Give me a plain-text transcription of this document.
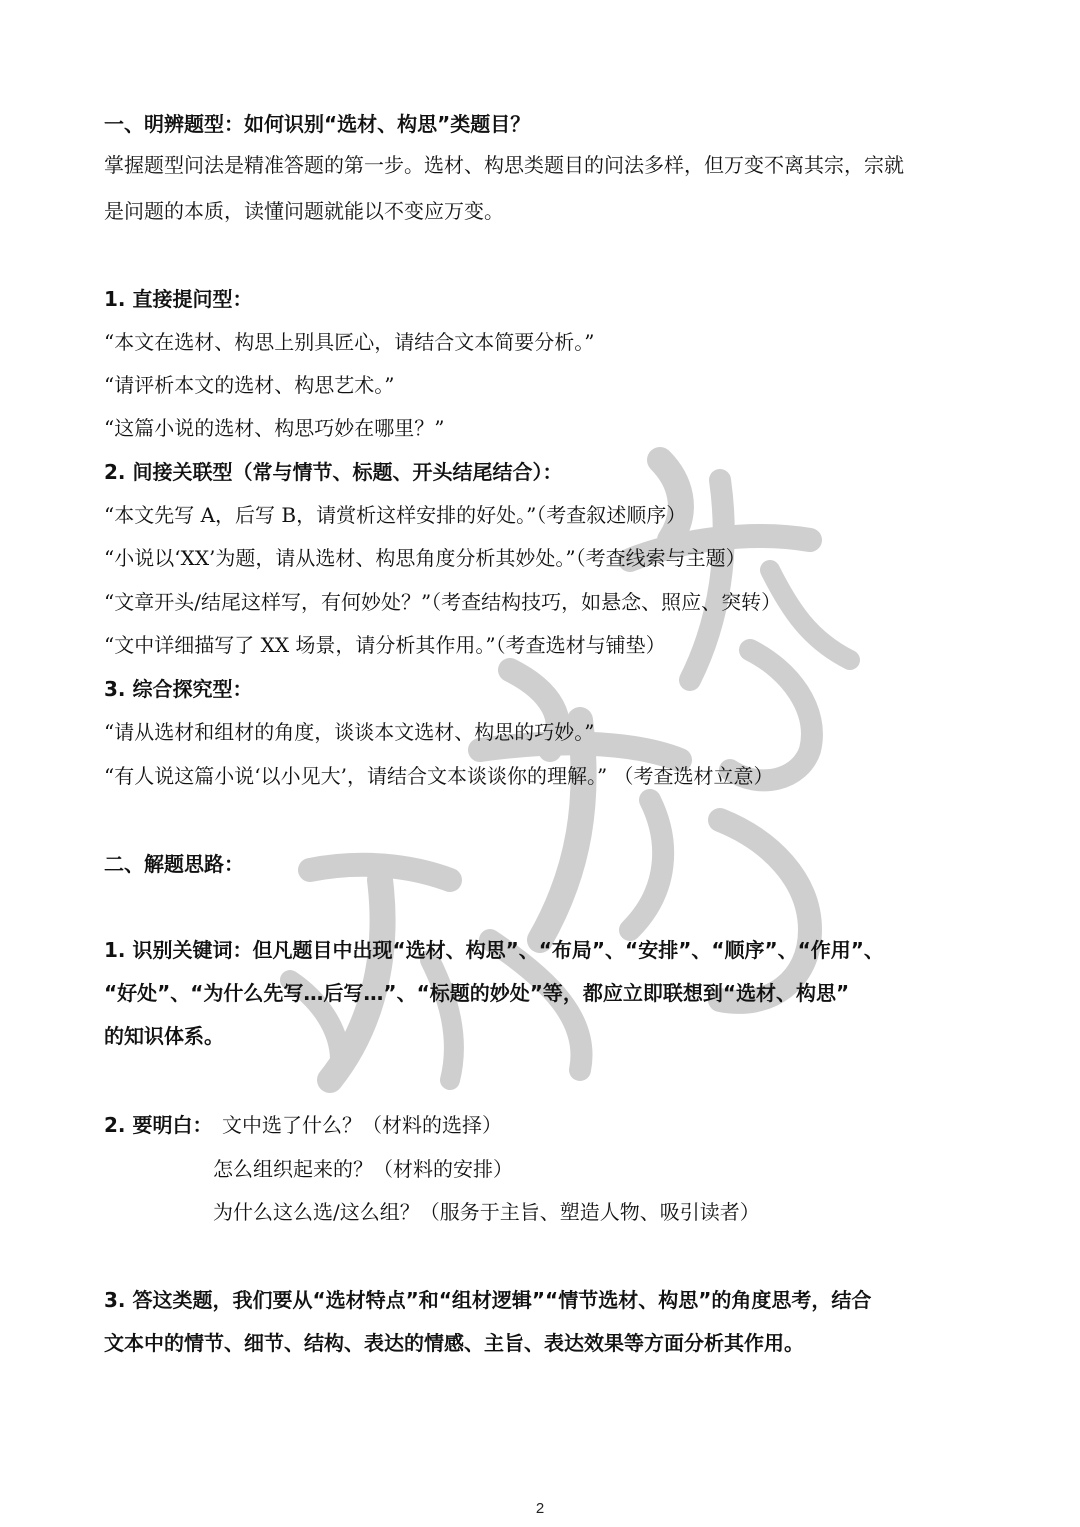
一、明辨题型：如何识别“选材、构思”类题目？
掌握题型问法是精准答题的第一步。选材、构思类题目的问法多样，但万变不离其宗，宗就
是问题的本质，读懂问题就能以不变应万变。
1. 直接提问型：
“本文在选材、构思上别具匠心，请结合文本简要分析。”
“请评析本文的选材、构思艺术。”
“这篇小说的选材、构思巧妙在哪里？”
2. 间接关联型（常与情节、标题、开头结尾结合）：
“本文先写 A，后写 B，请赏析这样安排的好处。”（考查叙述顺序）
“小说以‘XX’为题，请从选材、构思角度分析其妙处。”（考查线索与主题）
“文章开头/结尾这样写，有何妙处？”（考查结构技巧，如悬念、照应、突转）
“文中详细描写了 XX 场景，请分析其作用。”（考查选材与铺垫）
3. 综合探究型：
“请从选材和组材的角度，谈谈本文选材、构思的巧妙。”
“有人说这篇小说‘以小见大’，请结合文本谈谈你的理解。” （考查选材立意）
二、解题思路：
1. 识别关键词：但凡题目中出现“选材、构思”、“布局”、“安排”、“顺序”、“作用”、
“好处”、“为什么先写…后写…”、“标题的妙处”等，都应立即联想到“选材、构思”
的知识体系。
2. 要明白： 文中选了什么？（材料的选择）
怎么组织起来的？（材料的安排）
为什么这么选/这么组？（服务于主旨、塑造人物、吸引读者）
3. 答这类题，我们要从“选材特点”和“组材逻辑”“情节选材、构思”的角度思考，结合
文本中的情节、细节、结构、表达的情感、主旨、表达效果等方面分析其作用。
2
